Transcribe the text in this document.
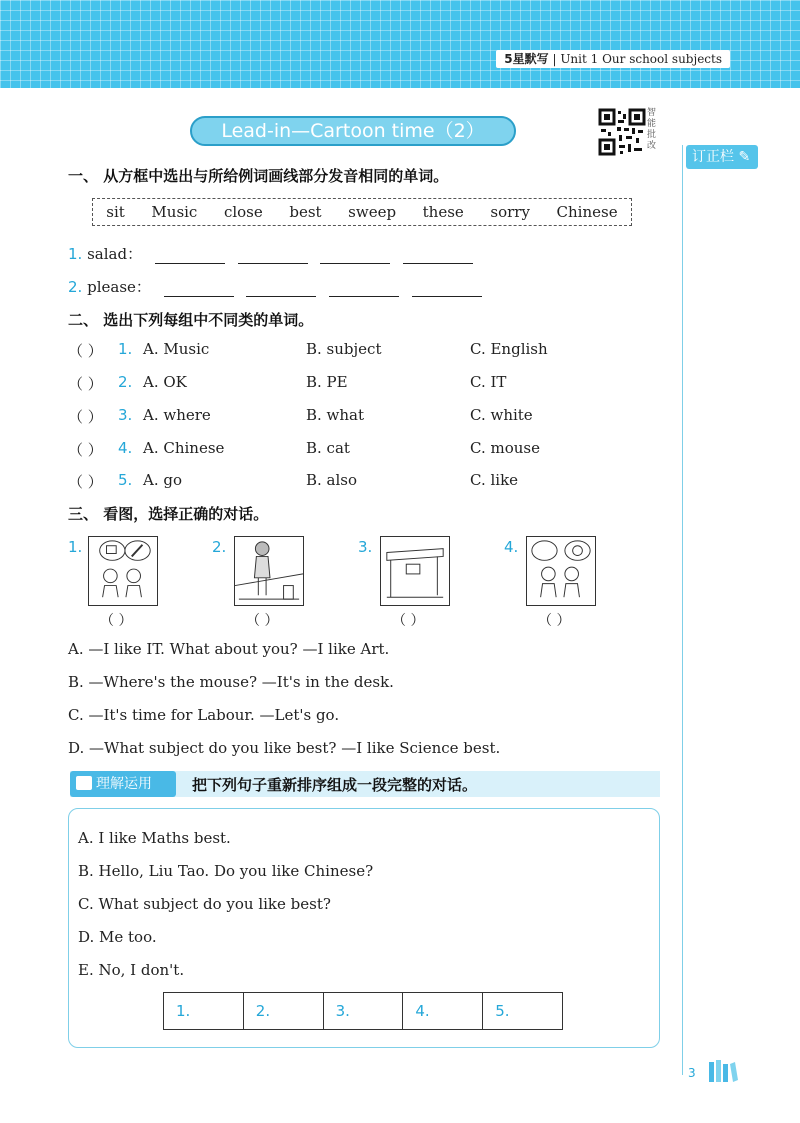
5星默写 | Unit 1 Our school subjects
Lead-in—Cartoon time（2）
智
能
批
改
订正栏 ✎
一、 从方框中选出与所给例词画线部分发音相同的单词。
sit Music close best sweep these sorry Chinese
1. salad：
2. please：
二、 选出下列每组中不同类的单词。
（ ） 1. A. Music	B. subject	C. English
（ ） 2. A. OK	B. PE	C. IT
（ ） 3. A. where	B. what	C. white
（ ） 4. A. Chinese	B. cat	C. mouse
（ ） 5. A. go	B. also	C. like
三、 看图，选择正确的对话。
1.
（ ）
2.
（ ）
3.
（ ）
4.
（ ）
A. —I like IT. What about you? —I like Art.
B. —Where's the mouse? —It's in the desk.
C. —It's time for Labour. —Let's go.
D. —What subject do you like best? —I like Science best.
理解运用	把下列句子重新排序组成一段完整的对话。
A. I like Maths best.
B. Hello, Liu Tao. Do you like Chinese?
C. What subject do you like best?
D. Me too.
E. No, I don't.
1.	2.	3.	4.	5.
3
